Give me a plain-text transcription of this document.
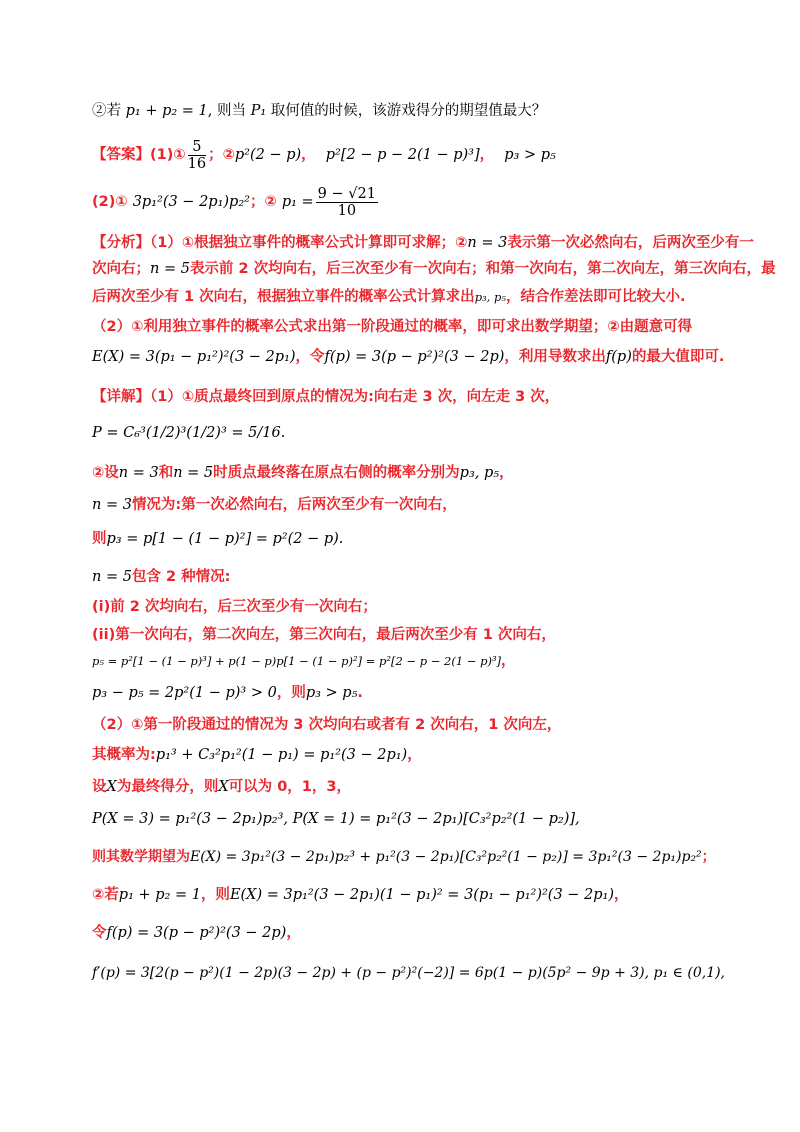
②若 p₁ + p₂ = 1, 则当 P₁ 取何值的时候，该游戏得分的期望值最大？
【答案】(1)① $\frac{5}{16}$ ；②p²(2 − p)， p²[2 − p − 2(1 − p)³]， p₃ > p₅
(2)① 3p₁²(3 − 2p₁)p₂²；② $p_1 = \frac{9 - √21}{10}$
【分析】（1）①根据独立事件的概率公式计算即可求解；②n = 3表示第一次必然向右，后两次至少有一
次向右；n = 5表示前 2 次均向右，后三次至少有一次向右；和第一次向右，第二次向左，第三次向右，最
后两次至少有 1 次向右，根据独立事件的概率公式计算求出p₃, p₅，结合作差法即可比较大小.
（2）①利用独立事件的概率公式求出第一阶段通过的概率，即可求出数学期望；②由题意可得
E(X) = 3(p₁ − p₁²)²(3 − 2p₁)，令f(p) = 3(p − p²)²(3 − 2p)，利用导数求出f(p)的最大值即可.
【详解】（1）①质点最终回到原点的情况为:向右走 3 次，向左走 3 次，
P = C₆³(1/2)³(1/2)³ = 5/16.
②设n = 3和n = 5时质点最终落在原点右侧的概率分别为p₃, p₅，
n = 3情况为:第一次必然向右，后两次至少有一次向右，
则p₃ = p[1 − (1 − p)²] = p²(2 − p).
n = 5包含 2 种情况:
(i)前 2 次均向右，后三次至少有一次向右；
(ii)第一次向右，第二次向左，第三次向右，最后两次至少有 1 次向右，
p₅ = p²[1 − (1 − p)³] + p(1 − p)p[1 − (1 − p)²] = p²[2 − p − 2(1 − p)³]，
p₃ − p₅ = 2p²(1 − p)³ > 0，则p₃ > p₅.
（2）①第一阶段通过的情况为 3 次均向右或者有 2 次向右，1 次向左，
其概率为:p₁³ + C₃²p₁²(1 − p₁) = p₁²(3 − 2p₁)，
设X为最终得分，则X可以为 0，1，3，
P(X = 3) = p₁²(3 − 2p₁)p₂³, P(X = 1) = p₁²(3 − 2p₁)[C₃²p₂²(1 − p₂)],
则其数学期望为E(X) = 3p₁²(3 − 2p₁)p₂³ + p₁²(3 − 2p₁)[C₃²p₂²(1 − p₂)] = 3p₁²(3 − 2p₁)p₂²；
②若p₁ + p₂ = 1，则E(X) = 3p₁²(3 − 2p₁)(1 − p₁)² = 3(p₁ − p₁²)²(3 − 2p₁)，
令f(p) = 3(p − p²)²(3 − 2p)，
f′(p) = 3[2(p − p²)(1 − 2p)(3 − 2p) + (p − p²)²(−2)] = 6p(1 − p)(5p² − 9p + 3), p₁ ∈ (0,1),
